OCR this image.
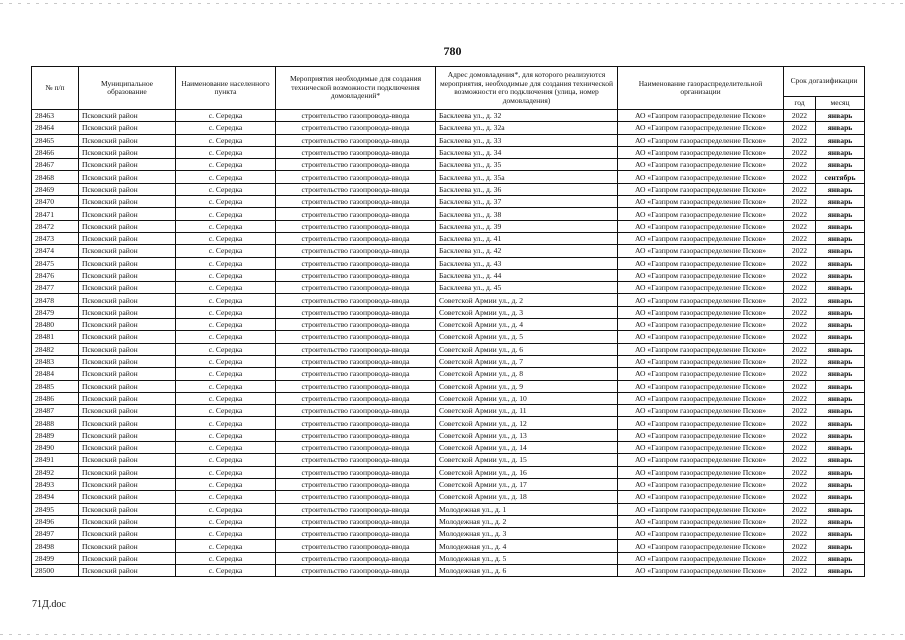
780
№ п/п	Муниципальное образование	Наименование населенного пункта	Мероприятия необходимые для создания технической возможности подключения домовладений*	Адрес домовладения*, для которого реализуются мероприятия, необходимые для создания технической возможности его подключения (улица, номер домовладения)	Наименование газораспределительной организации	Срок догазификации	
						год	месяц
28463	Псковский район	с. Середка	строительство газопровода-ввода	Басклеева ул., д. 32	АО «Газпром газораспределение Псков»	2022	январь
28464	Псковский район	с. Середка	строительство газопровода-ввода	Басклеева ул., д. 32а	АО «Газпром газораспределение Псков»	2022	январь
28465	Псковский район	с. Середка	строительство газопровода-ввода	Басклеева ул., д. 33	АО «Газпром газораспределение Псков»	2022	январь
28466	Псковский район	с. Середка	строительство газопровода-ввода	Басклеева ул., д. 34	АО «Газпром газораспределение Псков»	2022	январь
28467	Псковский район	с. Середка	строительство газопровода-ввода	Басклеева ул., д. 35	АО «Газпром газораспределение Псков»	2022	январь
28468	Псковский район	с. Середка	строительство газопровода-ввода	Басклеева ул., д. 35а	АО «Газпром газораспределение Псков»	2022	сентябрь
28469	Псковский район	с. Середка	строительство газопровода-ввода	Басклеева ул., д. 36	АО «Газпром газораспределение Псков»	2022	январь
28470	Псковский район	с. Середка	строительство газопровода-ввода	Басклеева ул., д. 37	АО «Газпром газораспределение Псков»	2022	январь
28471	Псковский район	с. Середка	строительство газопровода-ввода	Басклеева ул., д. 38	АО «Газпром газораспределение Псков»	2022	январь
28472	Псковский район	с. Середка	строительство газопровода-ввода	Басклеева ул., д. 39	АО «Газпром газораспределение Псков»	2022	январь
28473	Псковский район	с. Середка	строительство газопровода-ввода	Басклеева ул., д. 41	АО «Газпром газораспределение Псков»	2022	январь
28474	Псковский район	с. Середка	строительство газопровода-ввода	Басклеева ул., д. 42	АО «Газпром газораспределение Псков»	2022	январь
28475	Псковский район	с. Середка	строительство газопровода-ввода	Басклеева ул., д. 43	АО «Газпром газораспределение Псков»	2022	январь
28476	Псковский район	с. Середка	строительство газопровода-ввода	Басклеева ул., д. 44	АО «Газпром газораспределение Псков»	2022	январь
28477	Псковский район	с. Середка	строительство газопровода-ввода	Басклеева ул., д. 45	АО «Газпром газораспределение Псков»	2022	январь
28478	Псковский район	с. Середка	строительство газопровода-ввода	Советской Армии ул., д. 2	АО «Газпром газораспределение Псков»	2022	январь
28479	Псковский район	с. Середка	строительство газопровода-ввода	Советской Армии ул., д. 3	АО «Газпром газораспределение Псков»	2022	январь
28480	Псковский район	с. Середка	строительство газопровода-ввода	Советской Армии ул., д. 4	АО «Газпром газораспределение Псков»	2022	январь
28481	Псковский район	с. Середка	строительство газопровода-ввода	Советской Армии ул., д. 5	АО «Газпром газораспределение Псков»	2022	январь
28482	Псковский район	с. Середка	строительство газопровода-ввода	Советской Армии ул., д. 6	АО «Газпром газораспределение Псков»	2022	январь
28483	Псковский район	с. Середка	строительство газопровода-ввода	Советской Армии ул., д. 7	АО «Газпром газораспределение Псков»	2022	январь
28484	Псковский район	с. Середка	строительство газопровода-ввода	Советской Армии ул., д. 8	АО «Газпром газораспределение Псков»	2022	январь
28485	Псковский район	с. Середка	строительство газопровода-ввода	Советской Армии ул., д. 9	АО «Газпром газораспределение Псков»	2022	январь
28486	Псковский район	с. Середка	строительство газопровода-ввода	Советской Армии ул., д. 10	АО «Газпром газораспределение Псков»	2022	январь
28487	Псковский район	с. Середка	строительство газопровода-ввода	Советской Армии ул., д. 11	АО «Газпром газораспределение Псков»	2022	январь
28488	Псковский район	с. Середка	строительство газопровода-ввода	Советской Армии ул., д. 12	АО «Газпром газораспределение Псков»	2022	январь
28489	Псковский район	с. Середка	строительство газопровода-ввода	Советской Армии ул., д. 13	АО «Газпром газораспределение Псков»	2022	январь
28490	Псковский район	с. Середка	строительство газопровода-ввода	Советской Армии ул., д. 14	АО «Газпром газораспределение Псков»	2022	январь
28491	Псковский район	с. Середка	строительство газопровода-ввода	Советской Армии ул., д. 15	АО «Газпром газораспределение Псков»	2022	январь
28492	Псковский район	с. Середка	строительство газопровода-ввода	Советской Армии ул., д. 16	АО «Газпром газораспределение Псков»	2022	январь
28493	Псковский район	с. Середка	строительство газопровода-ввода	Советской Армии ул., д. 17	АО «Газпром газораспределение Псков»	2022	январь
28494	Псковский район	с. Середка	строительство газопровода-ввода	Советской Армии ул., д. 18	АО «Газпром газораспределение Псков»	2022	январь
28495	Псковский район	с. Середка	строительство газопровода-ввода	Молодежная ул., д. 1	АО «Газпром газораспределение Псков»	2022	январь
28496	Псковский район	с. Середка	строительство газопровода-ввода	Молодежная ул., д. 2	АО «Газпром газораспределение Псков»	2022	январь
28497	Псковский район	с. Середка	строительство газопровода-ввода	Молодежная ул., д. 3	АО «Газпром газораспределение Псков»	2022	январь
28498	Псковский район	с. Середка	строительство газопровода-ввода	Молодежная ул., д. 4	АО «Газпром газораспределение Псков»	2022	январь
28499	Псковский район	с. Середка	строительство газопровода-ввода	Молодежная ул., д. 5	АО «Газпром газораспределение Псков»	2022	январь
28500	Псковский район	с. Середка	строительство газопровода-ввода	Молодежная ул., д. 6	АО «Газпром газораспределение Псков»	2022	январь
71Д.doc
